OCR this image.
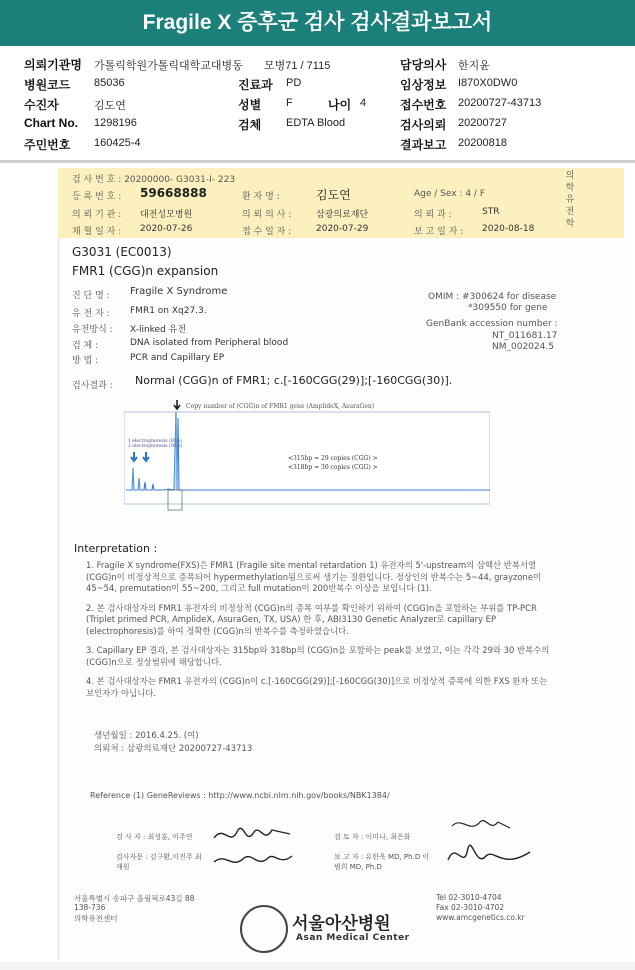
Fragile X 증후군 검사 검사결과보고서
의뢰기관명 가톨릭학원가톨릭대학교대병동 모병71 / 7115	담당의사 한지윤
병원코드 85036	진료과 PD	임상정보 I870X0DW0
수진자	김도연	성별 F	나이 4	접수번호 20200727-43713
Chart No. 1298196	검체 EDTA Blood	검사의뢰 20200727
주민번호 160425-4	결과보고 20200818
검 사 번 호 : 20200000- G3031-I- 223
등 록 번 호 : 59668888	환 자 명 :	김도연	Age / Sex : 4 / F
의 뢰 기 관 : 대전성모병원	의 뢰 의 사 :	삼광의료재단	의 뢰 과 :	STR
채 혈 일 자 : 2020-07-26	접 수 일 자 :	2020-07-29	보 고 일 자 : 2020-08-18
의학유전학
G3031 (EC0013)
FMR1 (CGG)n expansion
진 단 명 : Fragile X Syndrome
유 전 자 : FMR1 on Xq27.3.
유전방식 : X-linked 유전
검 체 :	DNA isolated from Peripheral blood
방 법 :	PCR and Capillary EP
OMIM : #300624 for disease
*309550 for gene
GenBank accession number :
NT_011681.17
NM_002024.5
검사결과 : Normal (CGG)n of FMR1; c.[-160CGG(29)];[-160CGG(30)].
Copy number of (CGG)n of FMR1 gene (AmplideX, AsuraGen)
1 electrophoresis (BLS)
2 electrophoresis (NLS)
<315bp = 29 copies (CGG) >
<318bp = 30 copies (CGG) >
Interpretation :

1. Fragile X syndrome(FXS)은 FMR1 (Fragile site mental retardation 1) 유전자의 5'-upstream의 삼핵산 반복서열 (CGG)n이 비정상적으로 증폭되어 hypermethylation됨으로써 생기는 질환입니다. 정상인의 반복수는 5~44, grayzone이 45~54, premutation이 55~200, 그리고 full mutation이 200반복수 이상을 보입니다 (1).

2. 본 검사대상자의 FMR1 유전자의 비정상적 (CGG)n의 증폭 여부를 확인하기 위하여 (CGG)n을 포함하는 부위를 TP-PCR (Triplet primed PCR, AmplideX, AsuraGen, TX, USA) 한 후, ABI3130 Genetic Analyzer로 capillary EP (electrophoresis)를 하여 정확한 (CGG)n의 반복수를 측정하였습니다.

3. Capillary EP 결과, 본 검사대상자는 315bp와 318bp의 (CGG)n을 포함하는 peak를 보였고, 이는 각각 29와 30 반복수의 (CGG)n으로 정상범위에 해당합니다.

4. 본 검사대상자는 FMR1 유전자의 (CGG)n이 c.[-160CGG(29)];[-160CGG(30)]으로 비정상적 증폭에 의한 FXS 환자 또는 보인자가 아닙니다.

생년월일 : 2016.4.25. (여)
의뢰처 : 삼광의료재단 20200727-43713
Reference (1) GeneReviews : http://www.ncbi.nlm.nih.gov/books/NBK1384/
검 사 자 : 최성훈, 이주연
검사자문 : 김구환,이진주 최재원
검 토 자 : 이미나, 최은화
보 고 자 : 유한욱 MD, Ph.D 이범희 MD, Ph.D
서울특별시 송파구 올림픽로43길 88
138-736
의학유전센터	서울아산병원
Asan Medical Center
Tel 02-3010-4704
Fax 02-3010-4702
www.amcgenetics.co.kr
